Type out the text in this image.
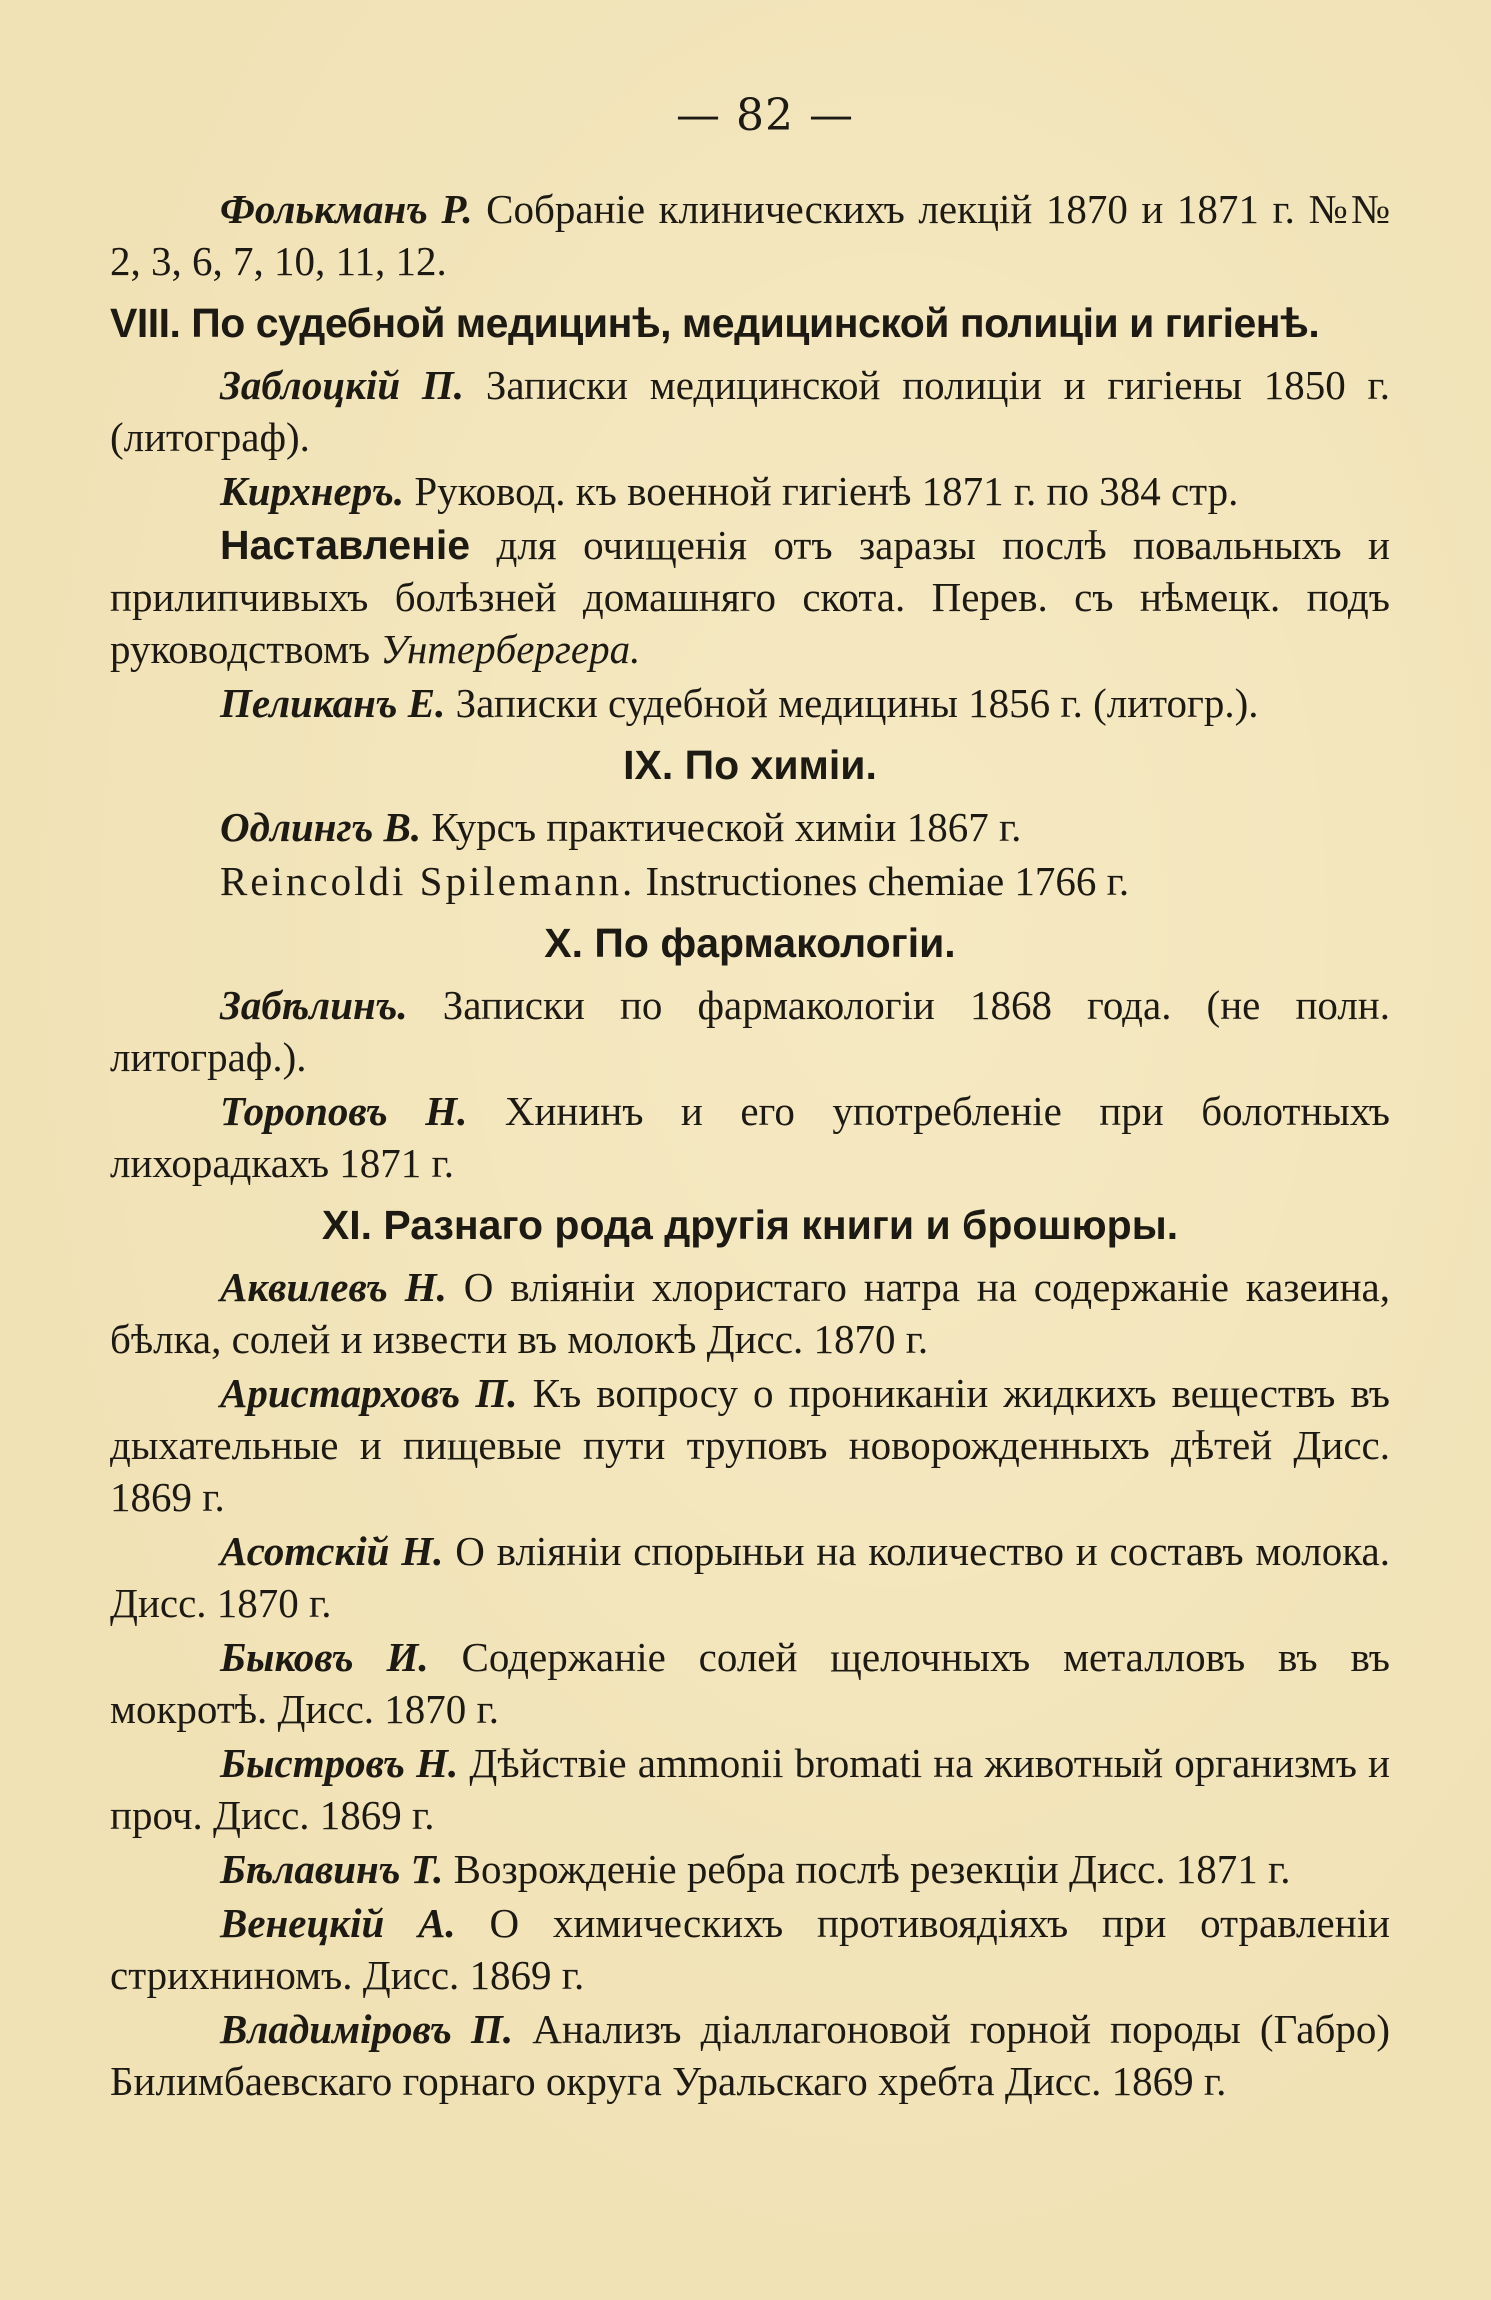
— 82 —

Фолькманъ Р. Собраніе клиническихъ лекцій 1870 и 1871 г. №№ 2, 3, 6, 7, 10, 11, 12.

VIII. По судебной медицинѣ, медицинской полиціи и гигіенѣ.

Заблоцкій П. Записки медицинской полиціи и гигіены 1850 г. (литограф).

Кирхнеръ. Руковод. къ военной гигіенѣ 1871 г. по 384 стр.

Наставленіе для очищенія отъ заразы послѣ повальныхъ и прилипчивыхъ болѣзней домашняго скота. Перев. съ нѣмецк. подъ руководствомъ Унтербергера.

Пеликанъ Е. Записки судебной медицины 1856 г. (литогр.).

IX. По химіи.

Одлингъ В. Курсъ практической химіи 1867 г.

Reincoldi Spilemann. Instructiones chemiae 1766 г.

X. По фармакологіи.

Забѣлинъ. Записки по фармакологіи 1868 года. (не полн. литограф.).

Тороповъ Н. Хининъ и его употребленіе при болотныхъ лихорадкахъ 1871 г.

XI. Разнаго рода другія книги и брошюры.

Аквилевъ Н. О вліяніи хлористаго натра на содержаніе казеина, бѣлка, солей и извести въ молокѣ Дисс. 1870 г.

Аристарховъ П. Къ вопросу о прониканіи жидкихъ веществъ въ дыхательные и пищевые пути труповъ новорожденныхъ дѣтей Дисс. 1869 г.

Асотскій Н. О вліяніи спорыньи на количество и составъ молока. Дисс. 1870 г.

Быковъ И. Содержаніе солей щелочныхъ металловъ въ въ мокротѣ. Дисс. 1870 г.

Быстровъ Н. Дѣйствіе ammonii bromati на животный организмъ и проч. Дисс. 1869 г.

Бѣлавинъ Т. Возрожденіе ребра послѣ резекціи Дисс. 1871 г.

Венецкій А. О химическихъ противоядіяхъ при отравленіи стрихниномъ. Дисс. 1869 г.

Владиміровъ П. Анализъ діаллагоновой горной породы (Габро) Билимбаевскаго горнаго округа Уральскаго хребта Дисс. 1869 г.
